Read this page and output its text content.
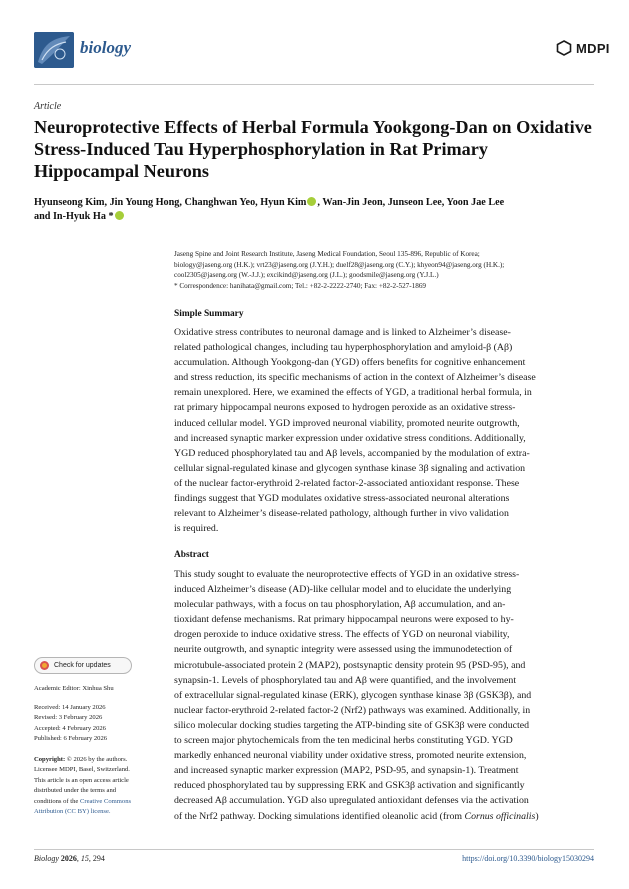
biology	MDPI
Article
Neuroprotective Effects of Herbal Formula Yookgong-Dan on Oxidative Stress-Induced Tau Hyperphosphorylation in Rat Primary Hippocampal Neurons
Hyunseong Kim, Jin Young Hong, Changhwan Yeo, Hyun Kim , Wan-Jin Jeon, Junseon Lee, Yoon Jae Lee
and In-Hyuk Ha *
Jaseng Spine and Joint Research Institute, Jaseng Medical Foundation, Seoul 135-896, Republic of Korea;
biology@jaseng.org (H.K.); vrt23@jaseng.org (J.Y.H.); duelf28@jaseng.org (C.Y.); khyeon94@jaseng.org (H.K.);
cool2305@jaseng.org (W.-J.J.); excikind@jaseng.org (J.L.); goodsmile@jaseng.org (Y.J.L.)
* Correspondence: hanihata@gmail.com; Tel.: +82-2-2222-2740; Fax: +82-2-527-1869
Simple Summary
Oxidative stress contributes to neuronal damage and is linked to Alzheimer’s disease-
related pathological changes, including tau hyperphosphorylation and amyloid-β (Aβ)
accumulation. Although Yookgong-dan (YGD) offers benefits for cognitive enhancement
and stress reduction, its specific mechanisms of action in the context of Alzheimer’s disease
remain unexplored. Here, we examined the effects of YGD, a traditional herbal formula, in
rat primary hippocampal neurons exposed to hydrogen peroxide as an oxidative stress-
induced cellular model. YGD improved neuronal viability, promoted neurite outgrowth,
and increased synaptic marker expression under oxidative stress conditions. Additionally,
YGD reduced phosphorylated tau and Aβ levels, accompanied by the modulation of extra-
cellular signal-regulated kinase and glycogen synthase kinase 3β signaling and activation
of the nuclear factor-erythroid 2-related factor-2-associated antioxidant response. These
findings suggest that YGD modulates oxidative stress-associated neuronal alterations
relevant to Alzheimer’s disease-related pathology, although further in vivo validation
is required.
Abstract
This study sought to evaluate the neuroprotective effects of YGD in an oxidative stress-
induced Alzheimer’s disease (AD)-like cellular model and to elucidate the underlying
molecular pathways, with a focus on tau phosphorylation, Aβ accumulation, and an-
tioxidant defense mechanisms. Rat primary hippocampal neurons were exposed to hy-
drogen peroxide to induce oxidative stress. The effects of YGD on neuronal viability,
neurite outgrowth, and synaptic integrity were assessed using the immunodetection of
microtubule-associated protein 2 (MAP2), postsynaptic density protein 95 (PSD-95), and
synapsin-1. Levels of phosphorylated tau and Aβ were quantified, and the involvement
of extracellular signal-regulated kinase (ERK), glycogen synthase kinase 3β (GSK3β), and
nuclear factor-erythroid 2-related factor-2 (Nrf2) pathways was examined. Additionally, in
silico molecular docking studies targeting the ATP-binding site of GSK3β were conducted
to screen major phytochemicals from the ten medicinal herbs constituting YGD. YGD
markedly enhanced neuronal viability under oxidative stress, promoted neurite extension,
and increased synaptic marker expression (MAP2, PSD-95, and synapsin-1). Treatment
reduced phosphorylated tau by suppressing ERK and GSK3β activation and significantly
decreased Aβ accumulation. YGD also upregulated antioxidant defenses via the activation
of the Nrf2 pathway. Docking simulations identified oleanolic acid (from Cornus officinalis)
Check for updates
Academic Editor: Xinhua Shu
Received: 14 January 2026
Revised: 3 February 2026
Accepted: 4 February 2026
Published: 6 February 2026
Copyright: © 2026 by the authors.
Licensee MDPI, Basel, Switzerland.
This article is an open access article
distributed under the terms and
conditions of the Creative Commons
Attribution (CC BY) license.
Biology 2026, 15, 294	https://doi.org/10.3390/biology15030294
